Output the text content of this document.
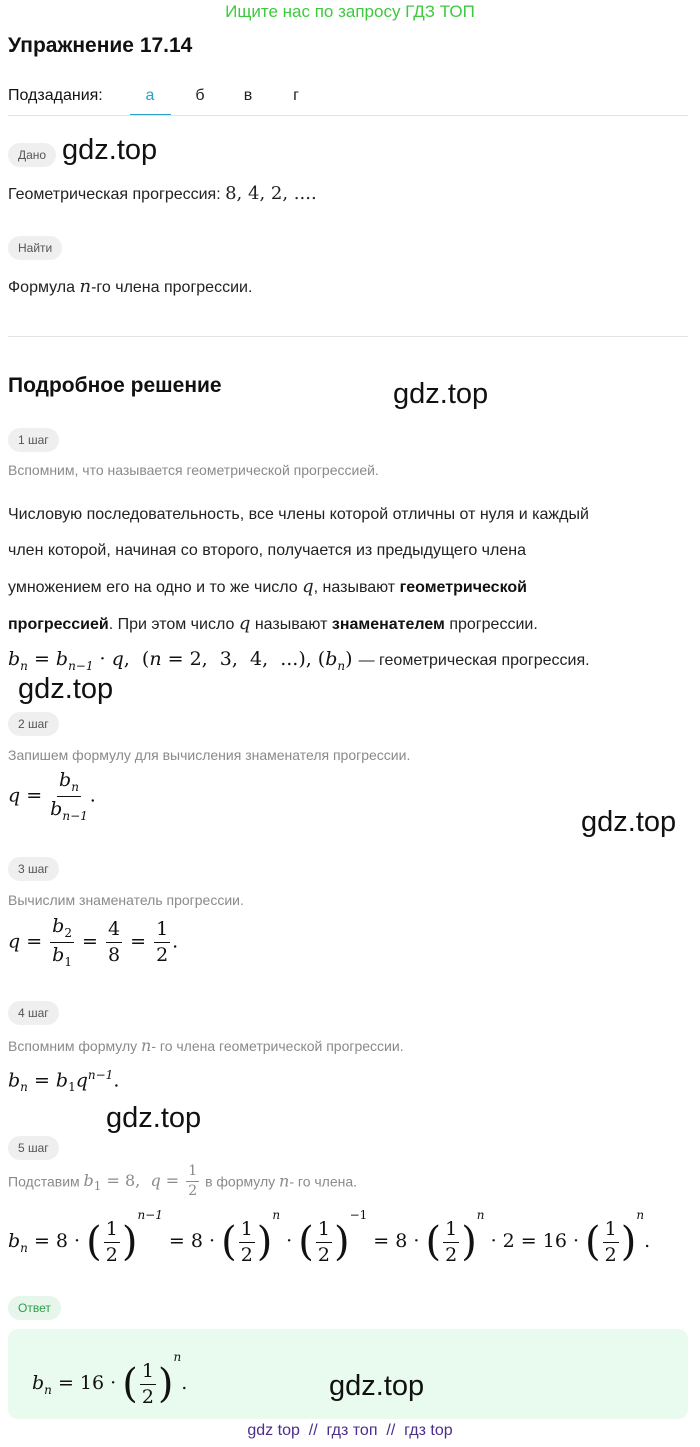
Ищите нас по запросу ГДЗ ТОП
Упражнение 17.14
Подзадания:	а	б	в	г
Дано gdz.top
Геометрическая прогрессия: 8, 4, 2, ....
Найти
Формула n-го члена прогрессии.
Подробное решение	gdz.top
1 шаг
Вспомним, что называется геометрической прогрессией.
Числовую последовательность, все члены которой отличны от нуля и каждый
член которой, начиная со второго, получается из предыдущего члена
умножением его на одно и то же число q, называют геометрической
прогрессией. При этом число q называют знаменателем прогрессии.
$b_n = b_{n-1} \cdot q$,  (n = 2,  3,  4,  ...), $(b_n)$ — геометрическая прогрессия.
gdz.top
2 шаг
Запишем формулу для вычисления знаменателя прогрессии.
$q = \frac{b_n}{b_{n-1}}$ .
gdz.top
3 шаг
Вычислим знаменатель прогрессии.
$q = \frac{b_2}{b_1} = \frac{4}{8} = \frac{1}{2}$ .
4 шаг
Вспомним формулу n- го члена геометрической прогрессии.
$b_n = b_1q^{n-1}$.
gdz.top
5 шаг
Подставим $b_1 = 8$,  $q = \frac{1}{2}$ в формулу n- го члена.
$b_n = 8$ · ( $\frac{1}{2} )^{n-1} = 8$ · ( $\frac{1}{2} )^n$ · ( $\frac{1}{2} )^{-1} = 8$ · ( $\frac{1}{2} )^n \cdot 2 = 16$ · ( $\frac{1}{2} )^n$.
Ответ
$b_n = 16$ · ( $\frac{1}{2} )^n$.	gdz.top
gdz top  //  гдз топ  //  гдз top
